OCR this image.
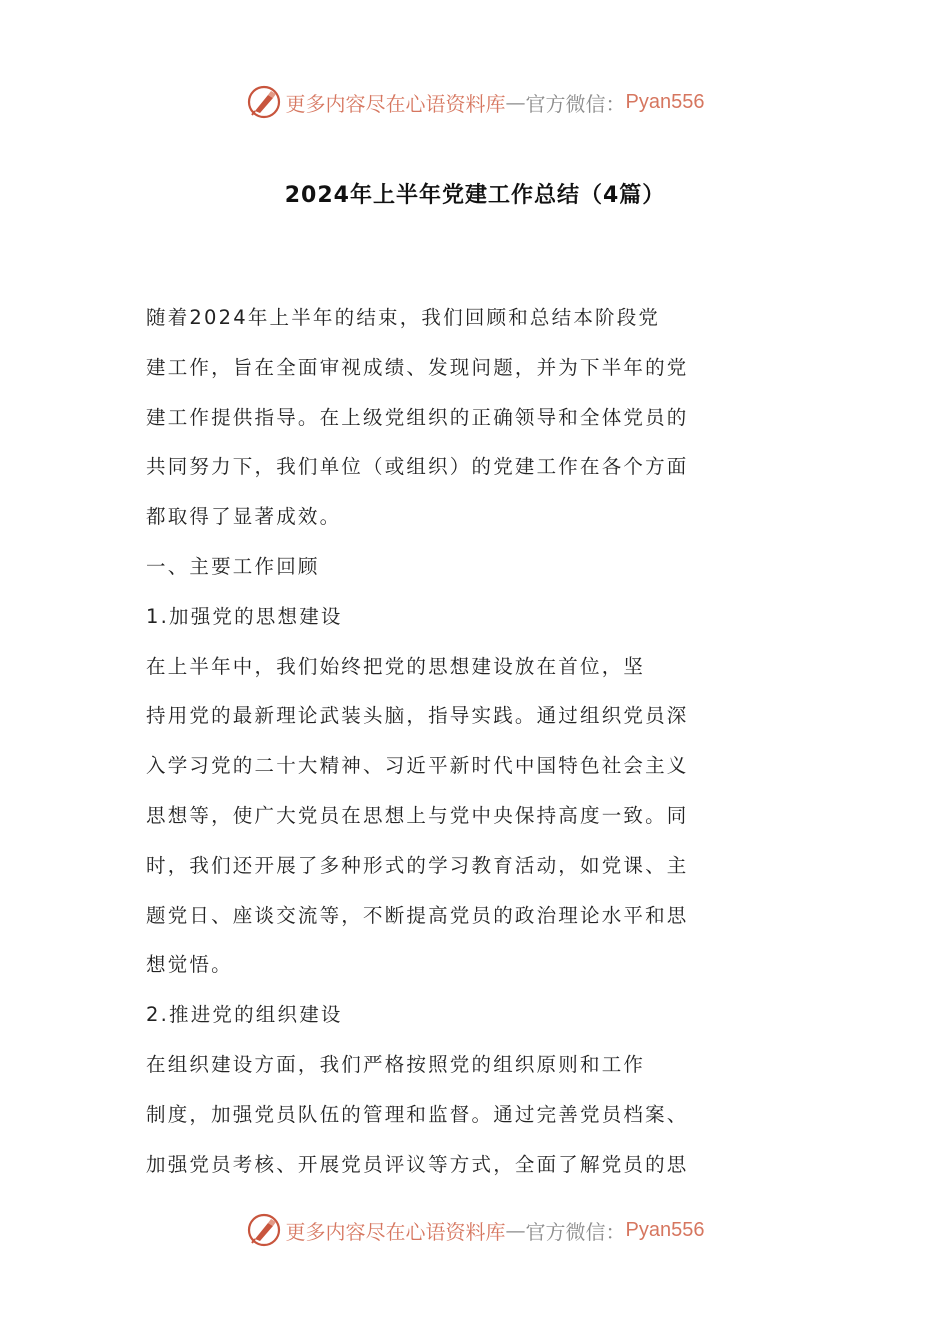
更多内容尽在心语资料库 — 官方微信： Pyan556
2024年上半年党建工作总结（4篇）
随着2024年上半年的结束，我们回顾和总结本阶段党
建工作，旨在全面审视成绩、发现问题，并为下半年的党
建工作提供指导。在上级党组织的正确领导和全体党员的
共同努力下，我们单位（或组织）的党建工作在各个方面
都取得了显著成效。
一、主要工作回顾
1.加强党的思想建设
在上半年中，我们始终把党的思想建设放在首位，坚
持用党的最新理论武装头脑，指导实践。通过组织党员深
入学习党的二十大精神、习近平新时代中国特色社会主义
思想等，使广大党员在思想上与党中央保持高度一致。同
时，我们还开展了多种形式的学习教育活动，如党课、主
题党日、座谈交流等，不断提高党员的政治理论水平和思
想觉悟。
2.推进党的组织建设
在组织建设方面，我们严格按照党的组织原则和工作
制度，加强党员队伍的管理和监督。通过完善党员档案、
加强党员考核、开展党员评议等方式，全面了解党员的思
更多内容尽在心语资料库 — 官方微信： Pyan556
